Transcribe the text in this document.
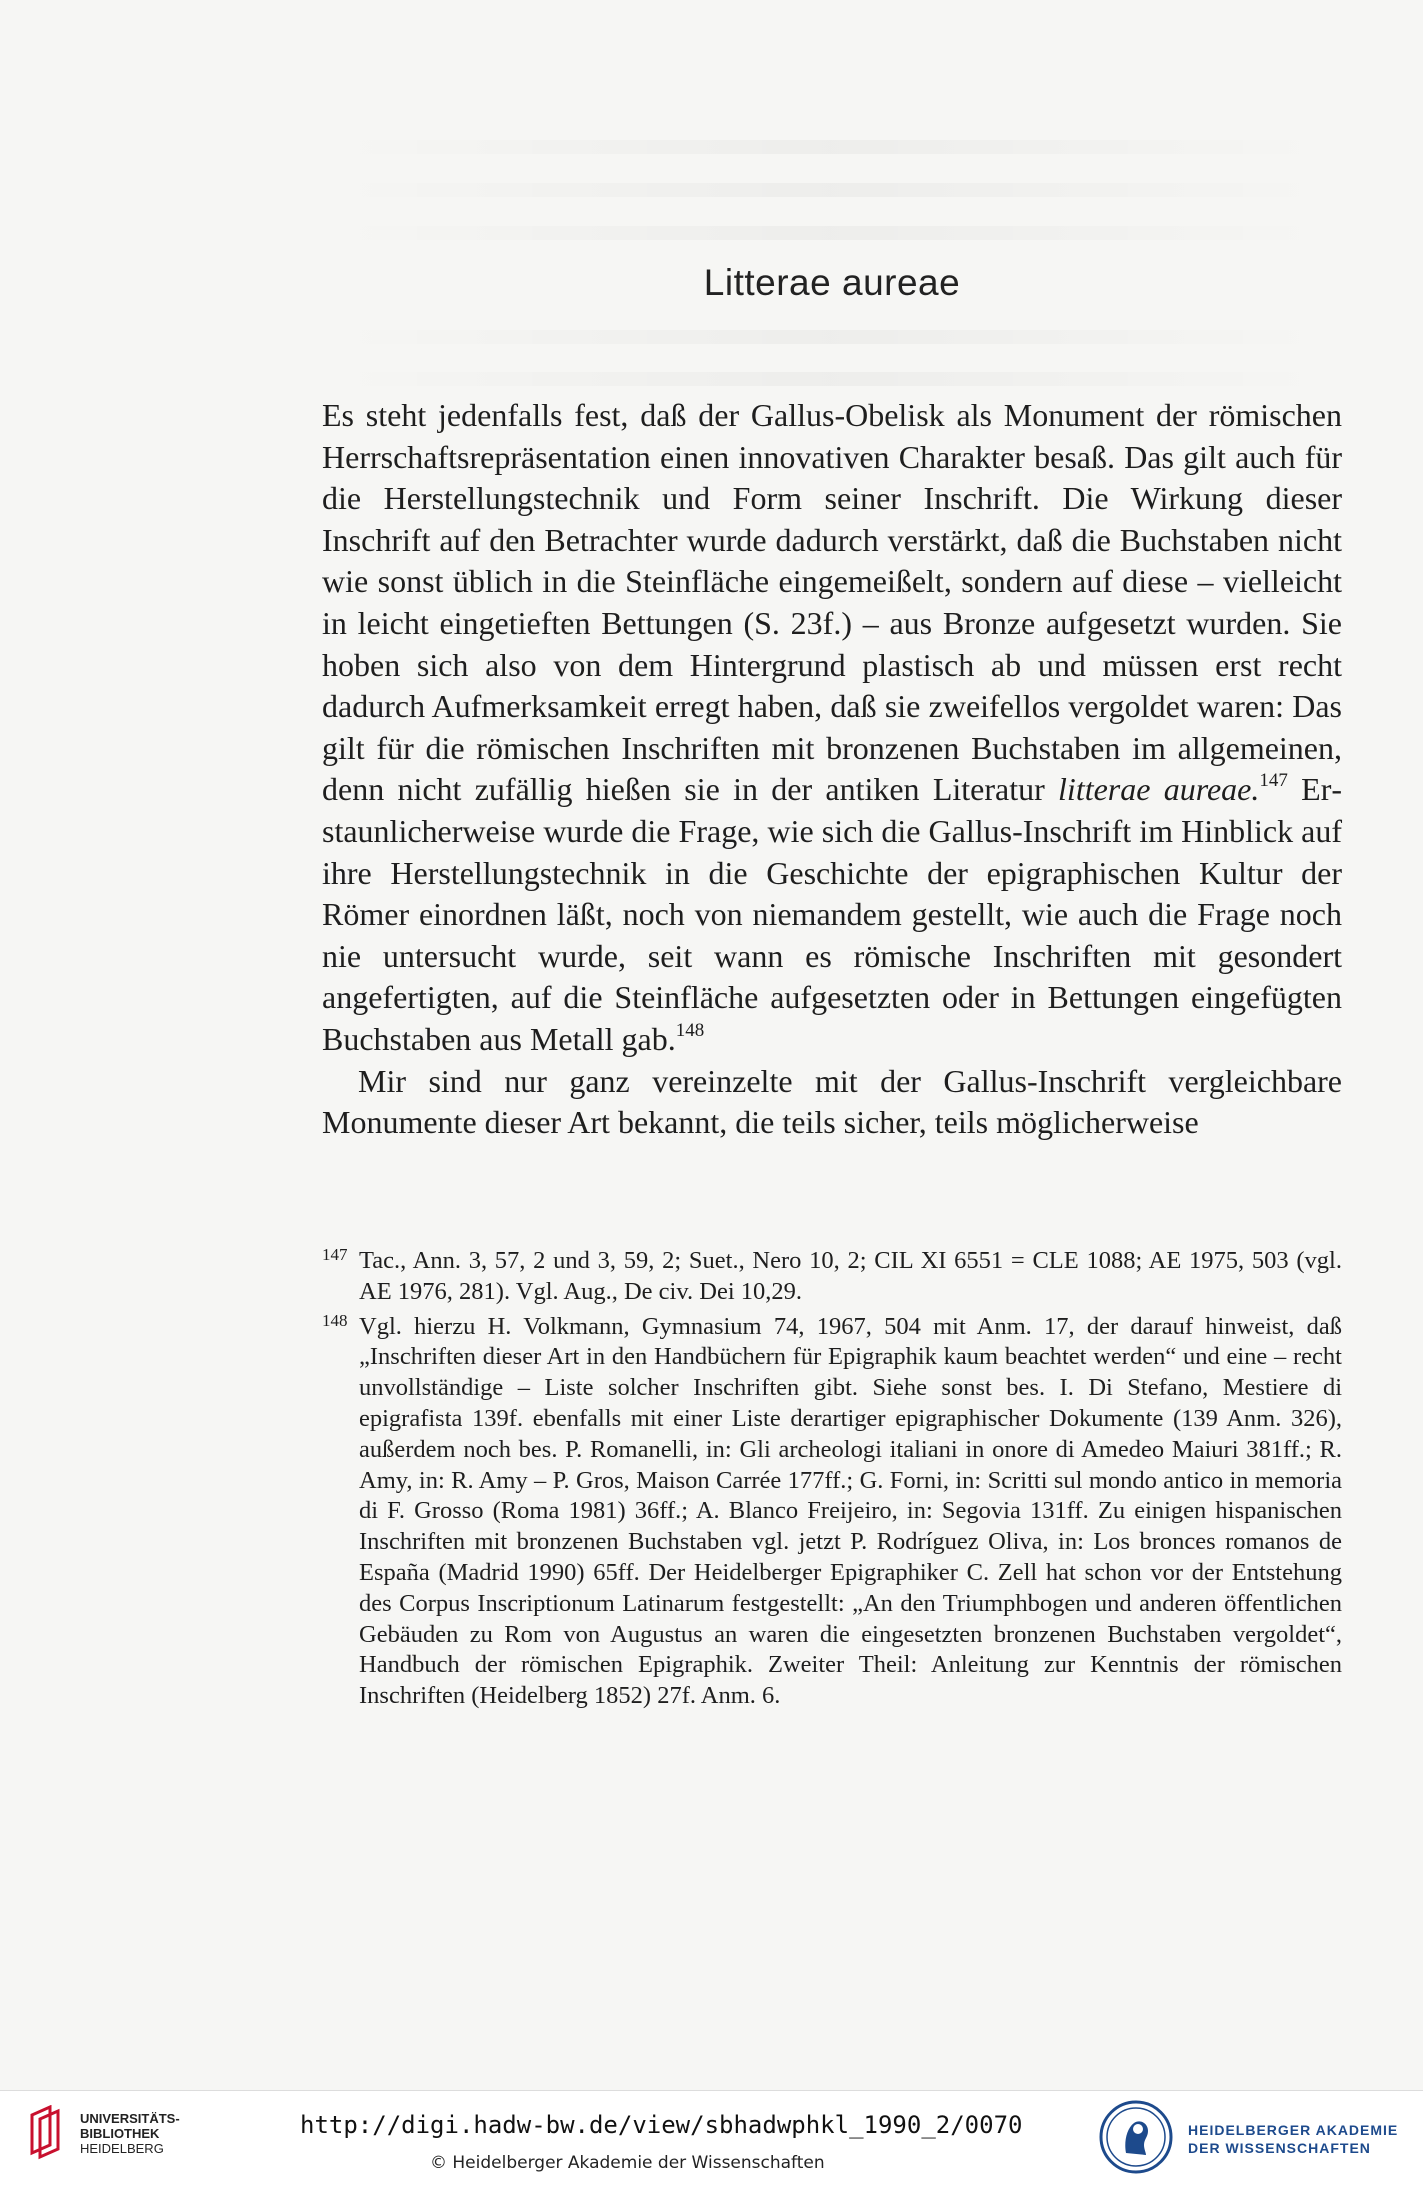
Litterae aureae

Es steht jedenfalls fest, daß der Gallus-Obelisk als Monument der römischen Herrschaftsrepräsentation einen innovativen Charakter besaß. Das gilt auch für die Herstellungstechnik und Form seiner Inschrift. Die Wirkung dieser Inschrift auf den Betrachter wurde dadurch verstärkt, daß die Buchstaben nicht wie sonst üblich in die Steinfläche eingemeißelt, sondern auf diese – vielleicht in leicht eingetieften Bettungen (S. 23f.) – aus Bronze aufgesetzt wurden. Sie hoben sich also von dem Hintergrund plastisch ab und müssen erst recht dadurch Aufmerksamkeit erregt haben, daß sie zweifellos vergoldet waren: Das gilt für die römischen Inschriften mit bronzenen Buchstaben im allgemeinen, denn nicht zufällig hießen sie in der antiken Literatur litterae aureae.$^{147}$ Erstaunlicherweise wurde die Frage, wie sich die Gallus-Inschrift im Hinblick auf ihre Herstellungstechnik in die Geschichte der epigraphischen Kultur der Römer einordnen läßt, noch von niemandem gestellt, wie auch die Frage noch nie untersucht wurde, seit wann es römische Inschriften mit gesondert angefertigten, auf die Steinfläche aufgesetzten oder in Bettungen eingefügten Buchstaben aus Metall gab.$^{148}$

Mir sind nur ganz vereinzelte mit der Gallus-Inschrift vergleichbare Monumente dieser Art bekannt, die teils sicher, teils möglicherweise

147 Tac., Ann. 3, 57, 2 und 3, 59, 2; Suet., Nero 10, 2; CIL XI 6551 = CLE 1088; AE 1975, 503 (vgl. AE 1976, 281). Vgl. Aug., De civ. Dei 10,29.
148 Vgl. hierzu H. Volkmann, Gymnasium 74, 1967, 504 mit Anm. 17, der darauf hinweist, daß „Inschriften dieser Art in den Handbüchern für Epigraphik kaum beachtet werden“ und eine – recht unvollständige – Liste solcher Inschriften gibt. Siehe sonst bes. I. Di Stefano, Mestiere di epigrafista 139f. ebenfalls mit einer Liste derartiger epigraphischer Dokumente (139 Anm. 326), außerdem noch bes. P. Romanelli, in: Gli archeologi italiani in onore di Amedeo Maiuri 381ff.; R. Amy, in: R. Amy – P. Gros, Maison Carrée 177ff.; G. Forni, in: Scritti sul mondo antico in memoria di F. Grosso (Roma 1981) 36ff.; A. Blanco Freijeiro, in: Segovia 131ff. Zu einigen hispanischen Inschriften mit bronzenen Buchstaben vgl. jetzt P. Rodríguez Oliva, in: Los bronces romanos de España (Madrid 1990) 65ff. Der Heidelberger Epigraphiker C. Zell hat schon vor der Entstehung des Corpus Inscriptionum Latinarum festgestellt: „An den Triumphbogen und anderen öffentlichen Gebäuden zu Rom von Augustus an waren die eingesetzten bronzenen Buchstaben vergoldet“, Handbuch der römischen Epigraphik. Zweiter Theil: Anleitung zur Kenntnis der römischen Inschriften (Heidelberg 1852) 27f. Anm. 6.
UNIVERSITÄTS-
BIBLIOTHEK
HEIDELBERG
http://digi.hadw-bw.de/view/sbhadwphkl_1990_2/0070
© Heidelberger Akademie der Wissenschaften
HEIDELBERGER AKADEMIE
DER WISSENSCHAFTEN
